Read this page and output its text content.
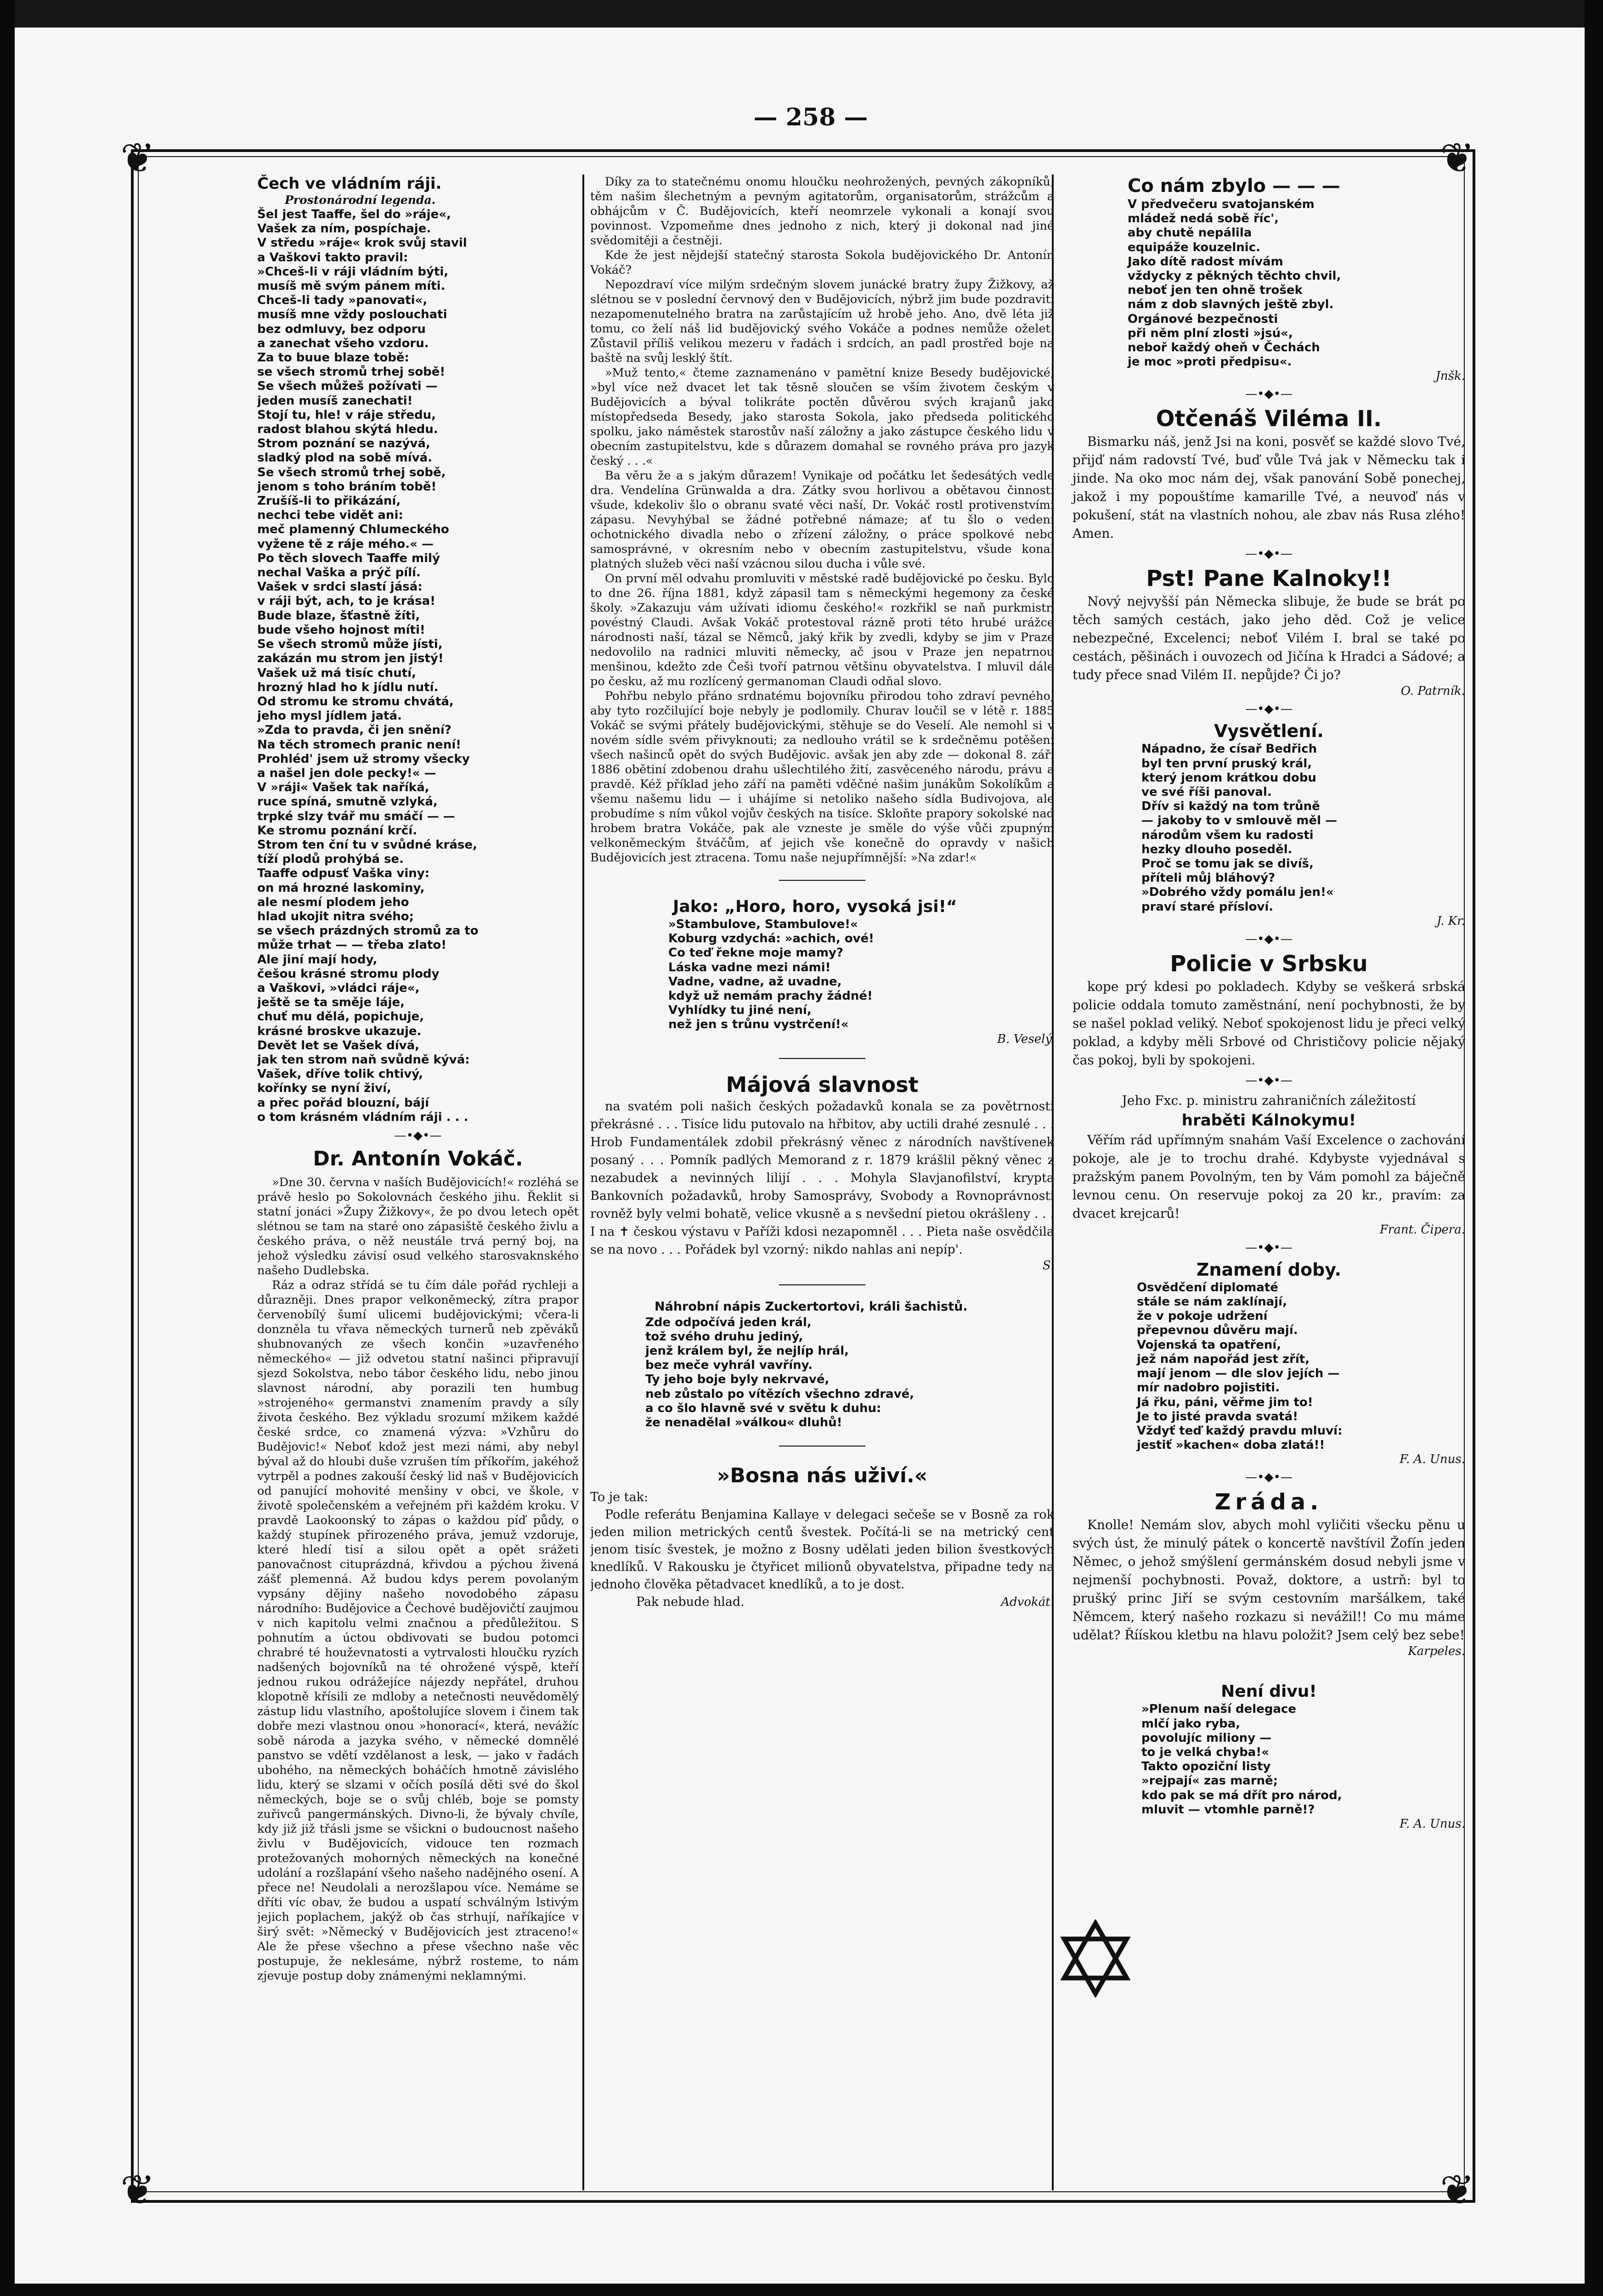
— 258 —
❦	❦
❦	❦
Čech ve vládním ráji.
Prostonárodní legenda.
Šel jest Taaffe, šel do »ráje«,
Vašek za ním, pospíchaje.
V středu »ráje« krok svůj stavil
a Vaškovi takto pravil:
»Chceš-li v ráji vládním býti,
musíš mě svým pánem míti.
Chceš-li tady »panovati«,
musíš mne vždy poslouchati
bez odmluvy, bez odporu
a zanechat všeho vzdoru.
Za to buue blaze tobě:
se všech stromů trhej sobě!
Se všech můžeš požívati —
jeden musíš zanechati!
Stojí tu, hle! v ráje středu,
radost blahou skýtá hledu.
Strom poznání se nazývá,
sladký plod na sobě mívá.
Se všech stromů trhej sobě,
jenom s toho bráním tobě!
Zrušíš-li to přikázání,
nechci tebe vidět ani:
meč plamenný Chlumeckého
vyžene tě z ráje mého.« —
Po těch slovech Taaffe milý
nechal Vaška a prýč pílí.
Vašek v srdci slastí jásá:
v ráji být, ach, to je krása!
Bude blaze, šťastně žíti,
bude všeho hojnost míti!
Se všech stromů může jísti,
zakázán mu strom jen jistý!
Vašek už má tisíc chutí,
hrozný hlad ho k jídlu nutí.
Od stromu ke stromu chvátá,
jeho mysl jídlem jatá.
»Zda to pravda, či jen snění?
Na těch stromech pranic není!
Prohléd' jsem už stromy všecky
a našel jen dole pecky!« —
V »ráji« Vašek tak naříká,
ruce spíná, smutně vzlyká,
trpké slzy tvář mu smáčí — —
Ke stromu poznání krčí.
Strom ten ční tu v svůdné kráse,
tíží plodů prohýbá se.
Taaffe odpusť Vaška viny:
on má hrozné laskominy,
ale nesmí plodem jeho
hlad ukojit nitra svého;
se všech prázdných stromů za to
může trhat — — třeba zlato!
Ale jiní mají hody,
češou krásné stromu plody
a Vaškovi, »vládci ráje«,
ještě se ta směje láje,
chuť mu dělá, popichuje,
krásné broskve ukazuje.
Devět let se Vašek dívá,
jak ten strom naň svůdně kývá:
Vašek, dříve tolik chtivý,
kořínky se nyní živí,
a přec pořád blouzní, bájí
o tom krásném vládním ráji . . .
—•◆•—
Dr. Antonín Vokáč.

»Dne 30. června v naších Budějovicích!« rozléhá se právě heslo po Sokolovnách českého jihu. Řeklit si statní jonáci »Župy Žižkovy«, že po dvou letech opět slétnou se tam na staré ono zápasiště českého živlu a českého práva, o něž neustále trvá perný boj, na jehož výsledku závisí osud velkého starosvaknského našeho Dudlebska.

Ráz a odraz střídá se tu čím dále pořád rychleji a důrazněji. Dnes prapor velkoněmecký, zítra prapor červenobílý šumí ulicemi budějovickými; včera-li donzněla tu vřava německých turnerů neb zpěváků shubnovaných ze všech končin »uzavřeného německého« — již odvetou statní našinci připravují sjezd Sokolstva, nebo tábor českého lidu, nebo jinou slavnost národní, aby porazili ten humbug »strojeného« germanstvi znamením pravdy a síly života českého. Bez výkladu srozumí mžikem každé české srdce, co znamená výzva: »Vzhůru do Budějovic!« Neboť kdož jest mezi námi, aby nebyl býval až do hloubi duše vzrušen tím příkořím, jakéhož vytrpěl a podnes zakouší český lid naš v Budějovicích od panující mohovité menšiny v obci, ve škole, v životě společenském a veřejném při každém kroku. V pravdě Laokoonský to zápas o každou píď půdy, o každý stupínek přirozeného práva, jemuž vzdoruje, které hledí tisí a silou opět a opět srážeti panovačnost cituprázdná, křivdou a pýchou živená zášť plemenná. Až budou kdys perem povolaným vypsány dějiny našeho novodobého zápasu národního: Budějovice a Čechové budějovičtí zaujmou v nich kapitolu velmi značnou a předůležitou. S pohnutím a úctou obdivovati se budou potomci chrabré té houževnatosti a vytrvalosti hloučku ryzích nadšených bojovníků na té ohrožené výspě, kteří jednou rukou odrážejíce nájezdy nepřátel, druhou klopotně křísili ze mdloby a netečnosti neuvědomělý zástup lidu vlastního, apoštolujíce slovem i činem tak dobře mezi vlastnou onou »honorací«, která, nevážíc sobě národa a jazyka svého, v německé domnělé panstvo se vdětí vzdělanost a lesk, — jako v řadách ubohého, na německých boháčích hmotně závislého lidu, který se slzami v očích posílá děti své do škol německých, boje se o svůj chléb, boje se pomsty zuřivců pangermánských. Divno-li, že bývaly chvíle, kdy již již třásli jsme se všickni o budoucnost našeho živlu v Budějovicích, vidouce ten rozmach protežovaných mohorných německých na konečné udolání a rozšlapání všeho našeho nadějného osení. A přece ne! Neudolali a nerozšlapou více. Nemáme se dříti víc obav, že budou a uspatí schválným lstivým jejich poplachem, jakýž ob čas strhují, naříkajíce v širý svět: »Německý v Budějovicích jest ztraceno!« Ale že přese všechno a přese všechno naše věc postupuje, že neklesáme, nýbrž rosteme, to nám zjevuje postup doby známenými neklamnými.

Díky za to statečnému onomu hloučku neohrožených, pevných zákopníků, těm našim šlechetným a pevným agitatorům, organisatorům, strážcům a obhájcům v Č. Budějovicích, kteří neomrzele vykonali a konají svou povinnost. Vzpomeňme dnes jednoho z nich, který ji dokonal nad jiné svědomitěji a čestněji.

Kde že jest nějdejší statečný starosta Sokola budějovického Dr. Antonín Vokáč?

Nepozdraví více milým srdečným slovem junácké bratry župy Žižkovy, až slétnou se v poslední červnový den v Budějovicích, nýbrž jim bude pozdraviti nezapomenutelného bratra na zarůstajícím už hrobě jeho. Ano, dvě léta již tomu, co želí náš lid budějovický svého Vokáče a podnes nemůže oželet. Zůstavil příliš velikou mezeru v řadách i srdcích, an padl prostřed boje na baště na svůj lesklý štít.

»Muž tento,« čteme zaznamenáno v pamětní knize Besedy budějovické, »byl více než dvacet let tak těsně sloučen se vším životem českým v Budějovicích a býval tolikráte poctěn důvěrou svých krajanů jako místopředseda Besedy, jako starosta Sokola, jako předseda politického spolku, jako náměstek starostův naší záložny a jako zástupce českého lidu v obecním zastupitelstvu, kde s důrazem domahal se rovného práva pro jazyk český . . .«

Ba věru že a s jakým důrazem! Vynikaje od počátku let šedesátých vedle dra. Vendelína Grünwalda a dra. Zátky svou horlivou a obětavou činností všude, kdekoliv šlo o obranu svaté věci naší, Dr. Vokáč rostl protivenstvími zápasu. Nevyhýbal se žádné potřebné námaze; ať tu šlo o vedení ochotnického divadla nebo o zřízení záložny, o práce spolkové nebo samosprávné, v okresním nebo v obecním zastupitelstvu, všude konal platných služeb věci naší vzácnou silou ducha i vůle své.

On první měl odvahu promluviti v městské radě budějovické po česku. Bylo to dne 26. října 1881, když zápasil tam s německými hegemony za české školy. »Zakazuju vám užívati idiomu českého!« rozkřikl se naň purkmistr, povéstný Claudi. Avšak Vokáč protestoval rázně proti této hrubé urážce národnosti naší, tázal se Němců, jaký křik by zvedli, kdyby se jim v Praze nedovolilo na radnici mluviti německy, ač jsou v Praze jen nepatrnou menšinou, kdežto zde Češi tvoří patrnou většinu obyvatelstva. I mluvil dále po česku, až mu rozlícený germanoman Claudi odňal slovo.

Pohřbu nebylo přáno srdnatému bojovníku přirodou toho zdraví pevného, aby tyto rozčilující boje nebyly je podlomily. Churav loučil se v létě r. 1885 Vokáč se svými přátely budějovickými, stěhuje se do Veselí. Ale nemohl si v novém sídle svém přivyknouti; za nedlouho vrátil se k srdečněmu potěšení všech našinců opět do svých Budějovic. avšak jen aby zde — dokonal 8. září 1886 obětiní zdobenou drahu ušlechtilého žití, zasvěceného národu, právu a pravdě. Kéž příklad jeho září na paměti vděčné našim junákům Sokolíkům a všemu našemu lidu — i uhájíme si netolikо našeho sídla Budivojova, ale probudíme s ním vůkol vojův českých na tisíce. Skloňte prapory sokolské nad hrobem bratra Vokáče, pak ale vzneste je směle do výše vůči zpupným velkoněmeckým štváčům, ať jejich vše konečně do opravdy v našich Budějovicích jest ztracena. Tomu naše nejupřímnější: »Na zdar!«

────────────
Jako: „Horo, horo, vysoká jsi!“
»Stambulove, Stambulove!«
Koburg vzdychá: »achich, ové!
Co teď řekne moje mamy?
Láska vadne mezi námi!
Vadne, vadne, až uvadne,
když už nemám prachy žádné!
Vyhlídky tu jiné není,
než jen s trůnu vystrčení!«
B. Veselý.
────────────
Májová slavnost

na svatém poli našich českých požadavků konala se za povětrnosti překrásné . . . Tisíce lidu putovalo na hřbitov, aby uctili drahé zesnulé . . . Hrob Fundamentálek zdobil překrásný věnec z národních navštívenek posaný . . . Pomník padlých Memorand z r. 1879 krášlil pěkný věnec z nezabudek a nevinných lilijí . . . Mohyla Slavjanofilství, krypta Bankovních požadavků, hroby Samosprávy, Svobody a Rovnoprávnosti rovněž byly velmi bohatě, velice vkusně a s nevšední pietou okrášleny . . . I na ✝ českou výstavu v Paříži kdosi nezapomněl . . . Pieta naše osvědčila se na novo . . . Pořádek byl vzorný: nikdo nahlas ani nepíp'.

S.
────────────
Náhrobní nápis Zuckertortovi, králi šachistů.
Zde odpočívá jeden král,
tož svého druhu jediný,
jenž králem byl, že nejlíp hrál,
bez meče vyhrál vavříny.
Ty jeho boje byly nekrvavé,
neb zůstalo po vítězích všechno zdravé,
a co šlo hlavně své v světu k duhu:
že nenadělal »válkou« dluhů!
────────────
»Bosna nás uživí.«
To je tak:

Podle referátu Benjamina Kallaye v delegaci sečeše se v Bosně za rok jeden milion metrických centů švestek. Počítá-li se na metrický cent jenom tisíc švestek, je možno z Bosny udělati jeden bilion švestkových knedlíků. V Rakousku je čtyřicet milionů obyvatelstva, připadne tedy na jednoho člověka pětadvacet knedlíků, a to je dost.

Pak nebude hlad.	Advokát.
Co nám zbylo — — —
V předvečeru svatojanském
mládež nedá sobě říc',
aby chutě nepálila
equipáže kouzelnic.
Jako dítě radost mívám
vždycky z pěkných těchto chvil,
neboť jen ten ohně trošek
nám z dob slavných ještě zbyl.
Orgánové bezpečnosti
při něm plní zlosti »jsú«,
neboř každý oheň v Čechách
je moc »proti předpisu«.
Jnšk.
—•◆•—
Otčenáš Viléma II.

Bismarku náš, jenž Jsi na koni, posvěť se každé slovo Tvé, přijď nám radovstí Tvé, buď vůle Tvá jak v Německu tak i jinde. Na oko moc nám dej, však panování Sobě ponechej, jakož i my popouštíme kamarille Tvé, a neuvoď nás v pokušení, stát na vlastních nohou, ale zbav nás Rusa zlého! Amen.

—•◆•—
Pst! Pane Kalnoky!!

Nový nejvyšší pán Německa slibuje, že bude se brát po těch samých cestách, jako jeho děd. Což je velice nebezpečné, Excelenci; neboť Vilém I. bral se také po cestách, pěšinách i ouvozech od Jičína k Hradci a Sádové; a tudy přece snad Vilém II. nepůjde? Či jo?

O. Patrník.
—•◆•—
Vysvětlení.
Nápadno, že císař Bedřich
byl ten první pruský král,
který jenom krátkou dobu
ve své říši panoval.
Dřív si každý na tom trůně
— jakoby to v smlouvě měl —
národům všem ku radosti
hezky dlouho poseděl.
Proč se tomu jak se divíš,
příteli můj bláhový?
»Dobrého vždy pomálu jen!«
praví staré přísloví.
J. Kr.
—•◆•—
Policie v Srbsku

kope prý kdesi po pokladech. Kdyby se veškerá srbská policie oddala tomuto zaměstnání, není pochybnosti, že by se našel poklad veliký. Neboť spokojenost lidu je přeci velký poklad, a kdyby měli Srbové od Christičovy policie nějaký čas pokoj, byli by spokojeni.

—•◆•—
Jeho Fxc. p. ministru zahraničních záležitostí
hraběti Kálnokymu!

Věřím rád upřímným snahám Vaší Excelence o zachování pokoje, ale je to trochu drahé. Kdybyste vyjednával s pražským panem Povolným, ten by Vám pomohl za báječně levnou cenu. On reservuje pokoj za 20 kr., pravím: za dvacet krejcarů!

Frant. Čipera.
—•◆•—
Znamení doby.
Osvědčení diplomaté
stále se nám zaklínají,
že v pokoje udržení
přepevnou důvěru mají.
Vojenská ta opatření,
jež nám napořád jest zřít,
mají jenom — dle slov jejích —
mír nadobro pojistiti.
Já řku, páni, věřme jim to!
Je to jisté pravda svatá!
Vždyť teď každý pravdu mluví:
jestiť »kachen« doba zlatá!!
F. A. Unus.
—•◆•—
Zráda.

Knolle! Nemám slov, abych mohl vyličiti všecku pěnu u svých úst, že minulý pátek o koncertě navštívil Žofín jeden Němec, o jehož smýšlení germánském dosud nebyli jsme v nejmenší pochybnosti. Považ, doktore, a ustrň: byl to prušký princ Jiří se svým cestovním maršálkem, také Němcem, který našeho rozkazu si nevážil!! Co mu máme udělat? Říískou kletbu na hlavu položit? Jsem celý bez sebe!

Karpeles.
Není divu!
»Plenum naší delegace
mlčí jako ryba,
povolujíc miliony —
to je velká chyba!«
Takto opoziční listy
»rejpají« zas marně;
kdo pak se má dřít pro národ,
mluvit — vtomhle parně!?
F. A. Unus.
